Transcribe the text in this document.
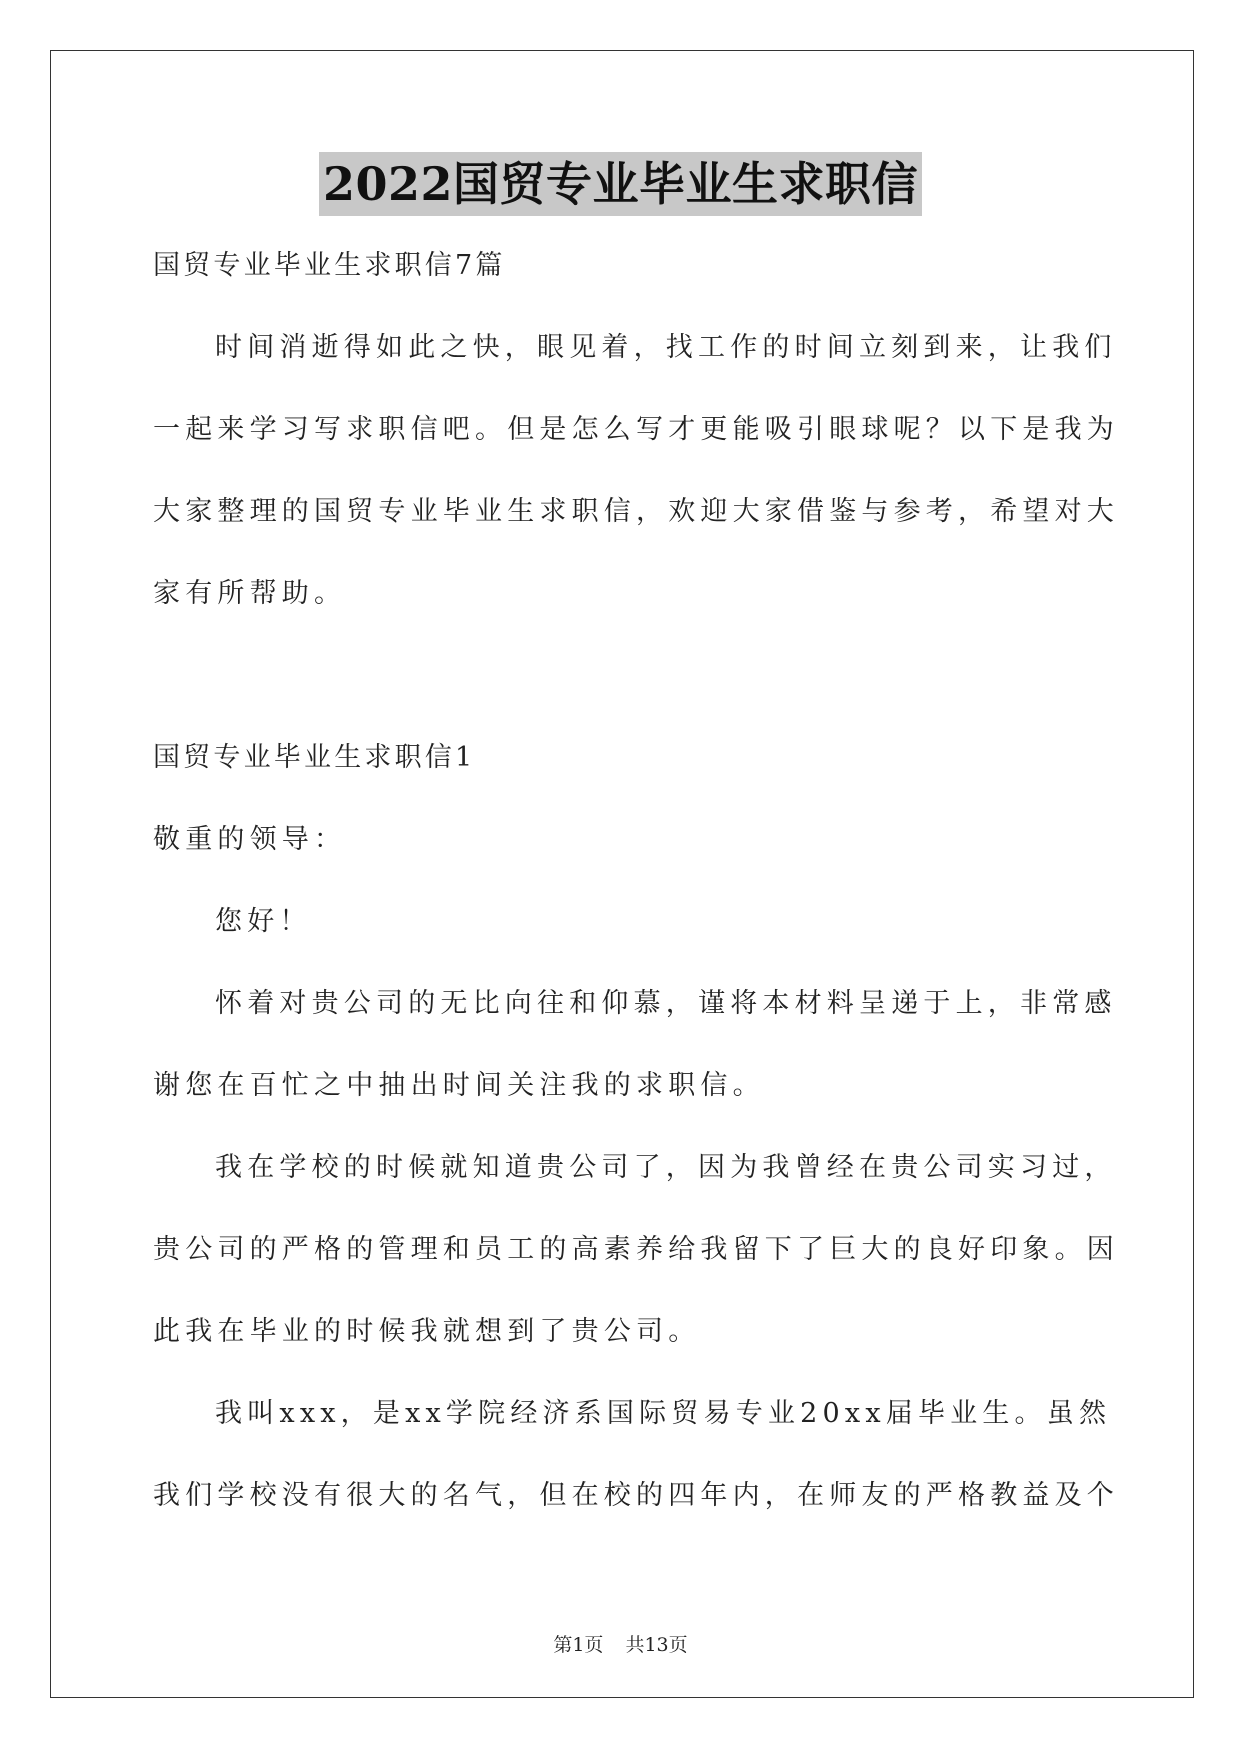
2022国贸专业毕业生求职信
国贸专业毕业生求职信7篇
时间消逝得如此之快，眼见着，找工作的时间立刻到来，让我们
一起来学习写求职信吧。但是怎么写才更能吸引眼球呢？以下是我为
大家整理的国贸专业毕业生求职信，欢迎大家借鉴与参考，希望对大
家有所帮助。
国贸专业毕业生求职信1
敬重的领导：
您好！
怀着对贵公司的无比向往和仰慕，谨将本材料呈递于上，非常感
谢您在百忙之中抽出时间关注我的求职信。
我在学校的时候就知道贵公司了，因为我曾经在贵公司实习过，
贵公司的严格的管理和员工的高素养给我留下了巨大的良好印象。因
此我在毕业的时候我就想到了贵公司。
我叫xxx，是xx学院经济系国际贸易专业20xx届毕业生。虽然
我们学校没有很大的名气，但在校的四年内，在师友的严格教益及个
第1页 共13页
